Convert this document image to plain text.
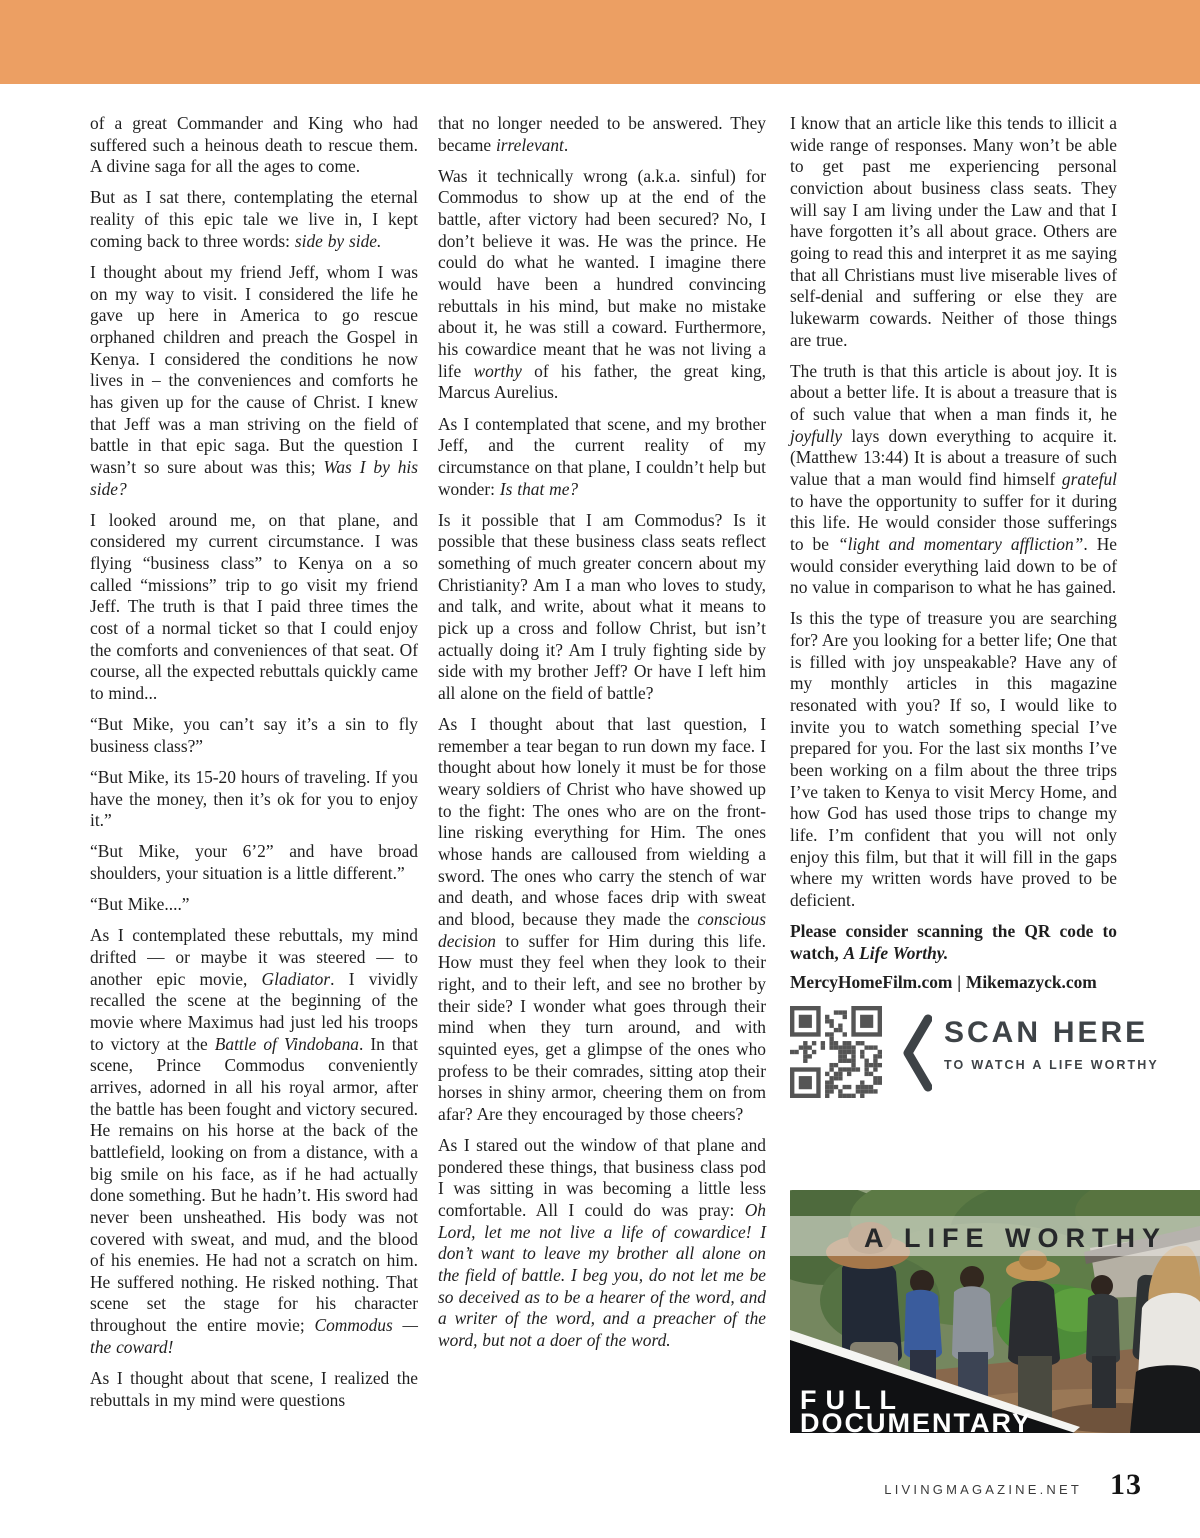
of a great Commander and King who had suffered such a heinous death to rescue them. A divine saga for all the ages to come.

But as I sat there, contemplating the eternal reality of this epic tale we live in, I kept coming back to three words: side by side.

I thought about my friend Jeff, whom I was on my way to visit. I considered the life he gave up here in America to go rescue orphaned children and preach the Gospel in Kenya. I considered the conditions he now lives in – the conveniences and comforts he has given up for the cause of Christ. I knew that Jeff was a man striving on the field of battle in that epic saga. But the question I wasn’t so sure about was this; Was I by his side?

I looked around me, on that plane, and considered my current circumstance. I was flying “business class” to Kenya on a so called “missions” trip to go visit my friend Jeff. The truth is that I paid three times the cost of a normal ticket so that I could enjoy the comforts and conveniences of that seat. Of course, all the expected rebuttals quickly came to mind...

“But Mike, you can’t say it’s a sin to fly business class?”

“But Mike, its 15-20 hours of traveling. If you have the money, then it’s ok for you to enjoy it.”

“But Mike, your 6’2” and have broad shoulders, your situation is a little different.”

“But Mike....”

As I contemplated these rebuttals, my mind drifted — or maybe it was steered — to another epic movie, Gladiator. I vividly recalled the scene at the beginning of the movie where Maximus had just led his troops to victory at the Battle of Vindobana. In that scene, Prince Commodus conveniently arrives, adorned in all his royal armor, after the battle has been fought and victory secured. He remains on his horse at the back of the battlefield, looking on from a distance, with a big smile on his face, as if he had actually done something. But he hadn’t. His sword had never been unsheathed. His body was not covered with sweat, and mud, and the blood of his enemies. He had not a scratch on him. He suffered nothing. He risked nothing. That scene set the stage for his character throughout the entire movie; Commodus — the coward!

As I thought about that scene, I realized the rebuttals in my mind were questions

that no longer needed to be answered. They became irrelevant.

Was it technically wrong (a.k.a. sinful) for Commodus to show up at the end of the battle, after victory had been secured? No, I don’t believe it was. He was the prince. He could do what he wanted. I imagine there would have been a hundred convincing rebuttals in his mind, but make no mistake about it, he was still a coward. Furthermore, his cowardice meant that he was not living a life worthy of his father, the great king, Marcus Aurelius.

As I contemplated that scene, and my brother Jeff, and the current reality of my circumstance on that plane, I couldn’t help but wonder: Is that me?

Is it possible that I am Commodus? Is it possible that these business class seats reflect something of much greater concern about my Christianity? Am I a man who loves to study, and talk, and write, about what it means to pick up a cross and follow Christ, but isn’t actually doing it? Am I truly fighting side by side with my brother Jeff? Or have I left him all alone on the field of battle?

As I thought about that last question, I remember a tear began to run down my face. I thought about how lonely it must be for those weary soldiers of Christ who have showed up to the fight: The ones who are on the front-line risking everything for Him. The ones whose hands are calloused from wielding a sword. The ones who carry the stench of war and death, and whose faces drip with sweat and blood, because they made the conscious decision to suffer for Him during this life. How must they feel when they look to their right, and to their left, and see no brother by their side? I wonder what goes through their mind when they turn around, and with squinted eyes, get a glimpse of the ones who profess to be their comrades, sitting atop their horses in shiny armor, cheering them on from afar? Are they encouraged by those cheers?

As I stared out the window of that plane and pondered these things, that business class pod I was sitting in was becoming a little less comfortable. All I could do was pray: Oh Lord, let me not live a life of cowardice! I don’t want to leave my brother all alone on the field of battle. I beg you, do not let me be so deceived as to be a hearer of the word, and a writer of the word, and a preacher of the word, but not a doer of the word.

I know that an article like this tends to illicit a wide range of responses. Many won’t be able to get past me experiencing personal conviction about business class seats. They will say I am living under the Law and that I have forgotten it’s all about grace. Others are going to read this and interpret it as me saying that all Christians must live miserable lives of self-denial and suffering or else they are lukewarm cowards. Neither of those things are true.

The truth is that this article is about joy. It is about a better life. It is about a treasure that is of such value that when a man finds it, he joyfully lays down everything to acquire it. (Matthew 13:44) It is about a treasure of such value that a man would find himself grateful to have the opportunity to suffer for it during this life. He would consider those sufferings to be “light and momentary affliction”. He would consider everything laid down to be of no value in comparison to what he has gained.

Is this the type of treasure you are searching for? Are you looking for a better life; One that is filled with joy unspeakable? Have any of my monthly articles in this magazine resonated with you? If so, I would like to invite you to watch something special I’ve prepared for you. For the last six months I’ve been working on a film about the three trips I’ve taken to Kenya to visit Mercy Home, and how God has used those trips to change my life. I’m confident that you will not only enjoy this film, but that it will fill in the gaps where my written words have proved to be deficient.

Please consider scanning the QR code to watch, A Life Worthy.

MercyHomeFilm.com | Mikemazyck.com

SCAN HERE
TO WATCH A LIFE WORTHY
A LIFE WORTHY
FULL
DOCUMENTARY
LIVINGMAGAZINE.NET 13
